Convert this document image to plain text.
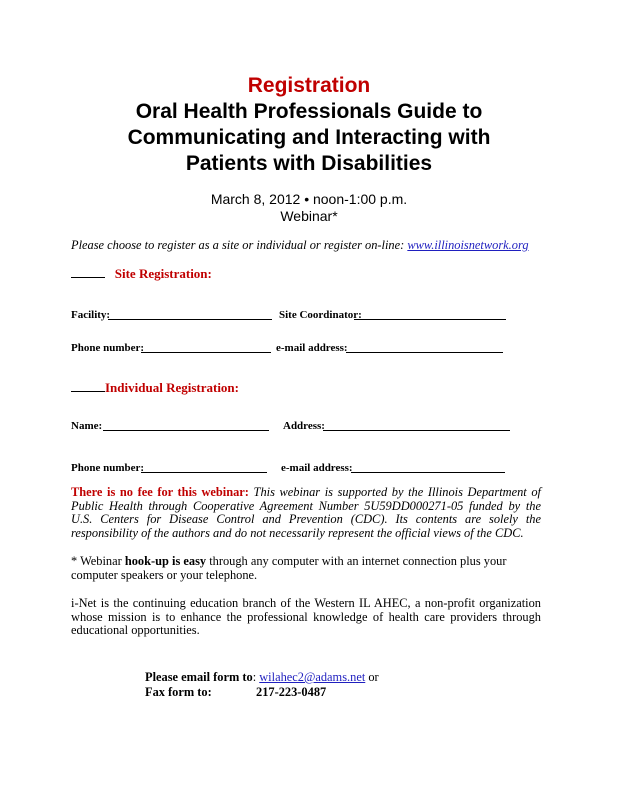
Registration
Oral Health Professionals Guide to
Communicating and Interacting with
Patients with Disabilities
March 8, 2012 • noon-1:00 p.m.
Webinar*
Please choose to register as a site or individual or register on-line: www.illinoisnetwork.org
Site Registration:
Facility:	Site Coordinator:
Phone number:	e-mail address:
Individual Registration:
Name:	Address:
Phone number:	e-mail address:
There is no fee for this webinar: This webinar is supported by the Illinois Department of Public Health through Cooperative Agreement Number 5U59DD000271-05 funded by the U.S. Centers for Disease Control and Prevention (CDC). Its contents are solely the responsibility of the authors and do not necessarily represent the official views of the CDC.
* Webinar hook-up is easy through any computer with an internet connection plus your computer speakers or your telephone.
i-Net is the continuing education branch of the Western IL AHEC, a non-profit organization whose mission is to enhance the professional knowledge of health care providers through educational opportunities.
Please email form to: wilahec2@adams.net or
Fax form to:	217-223-0487
